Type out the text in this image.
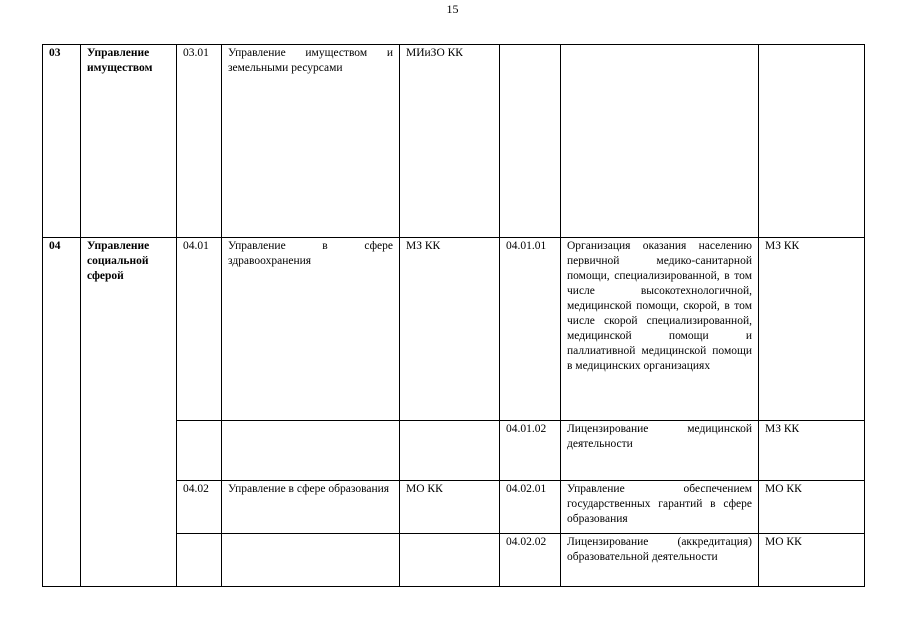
15
03	Управление имуществом	03.01	Управление имуществом и земельными ресурсами	МИиЗО КК			
04	Управление социальной сферой	04.01	Управление в сфере здравоохранения	МЗ КК	04.01.01	Организация оказания населению первичной медико-санитарной помощи, специализированной, в том числе высокотехнологичной, медицинской помощи, скорой, в том числе скорой специализированной, медицинской помощи и паллиативной медицинской помощи в медицинских организациях	МЗ КК
					04.01.02	Лицензирование медицинской деятельности	МЗ КК
		04.02	Управление в сфере образования	МО КК	04.02.01	Управление обеспечением государственных гарантий в сфере образования	МО КК
					04.02.02	Лицензирование (аккредитация) образовательной деятельности	МО КК
